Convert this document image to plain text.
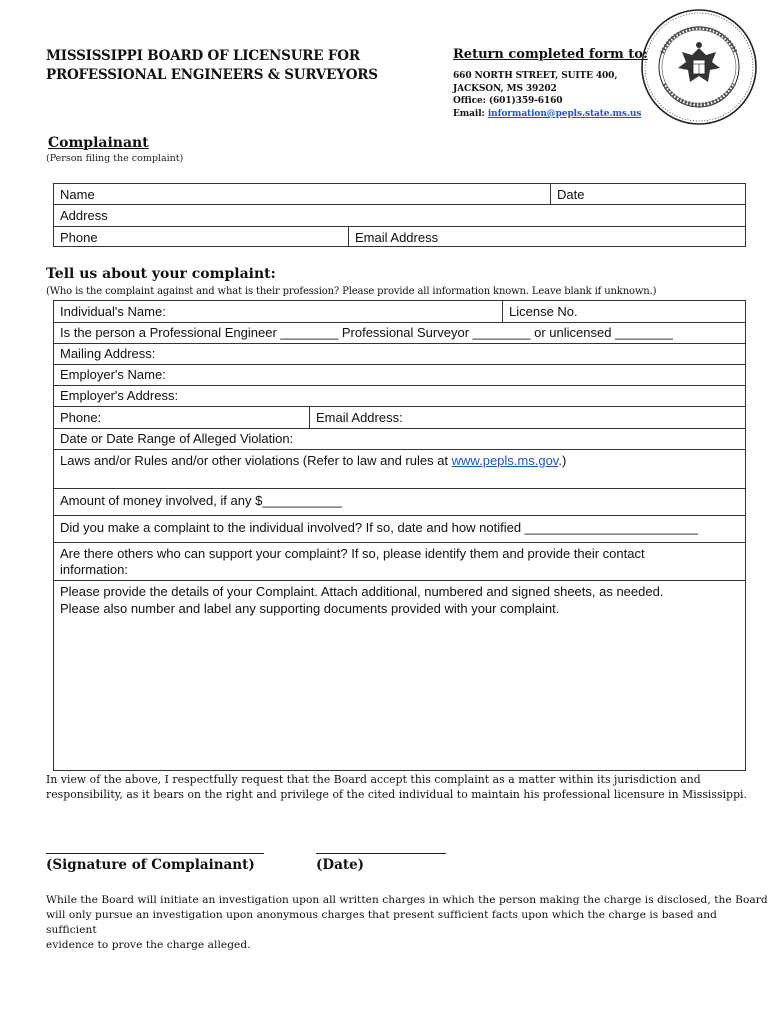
MISSISSIPPI BOARD OF LICENSURE FOR
PROFESSIONAL ENGINEERS & SURVEYORS
Return completed form to:
660 NORTH STREET, SUITE 400,
JACKSON, MS 39202
Office: (601)359-6160
Email: information@pepls.state.ms.us
Complainant
(Person filing the complaint)
Name	Date
Address
Phone	Email Address
Tell us about your complaint:
(Who is the complaint against and what is their profession? Please provide all information known. Leave blank if unknown.)
Individual's Name:	License No.
Is the person a Professional Engineer ________ Professional Surveyor ________ or unlicensed ________
Mailing Address:
Employer's Name:
Employer's Address:
Phone:	Email Address:
Date or Date Range of Alleged Violation:
Laws and/or Rules and/or other violations (Refer to law and rules at www.pepls.ms.gov.)
Amount of money involved, if any $___________
Did you make a complaint to the individual involved? If so, date and how notified ________________________
Are there others who can support your complaint? If so, please identify them and provide their contact
information:
Please provide the details of your Complaint. Attach additional, numbered and signed sheets, as needed.
Please also number and label any supporting documents provided with your complaint.
In view of the above, I respectfully request that the Board accept this complaint as a matter within its jurisdiction and
responsibility, as it bears on the right and privilege of the cited individual to maintain his professional licensure in Mississippi.
(Signature of Complainant)	(Date)
While the Board will initiate an investigation upon all written charges in which the person making the charge is disclosed, the Board
will only pursue an investigation upon anonymous charges that present sufficient facts upon which the charge is based and sufficient
evidence to prove the charge alleged.
